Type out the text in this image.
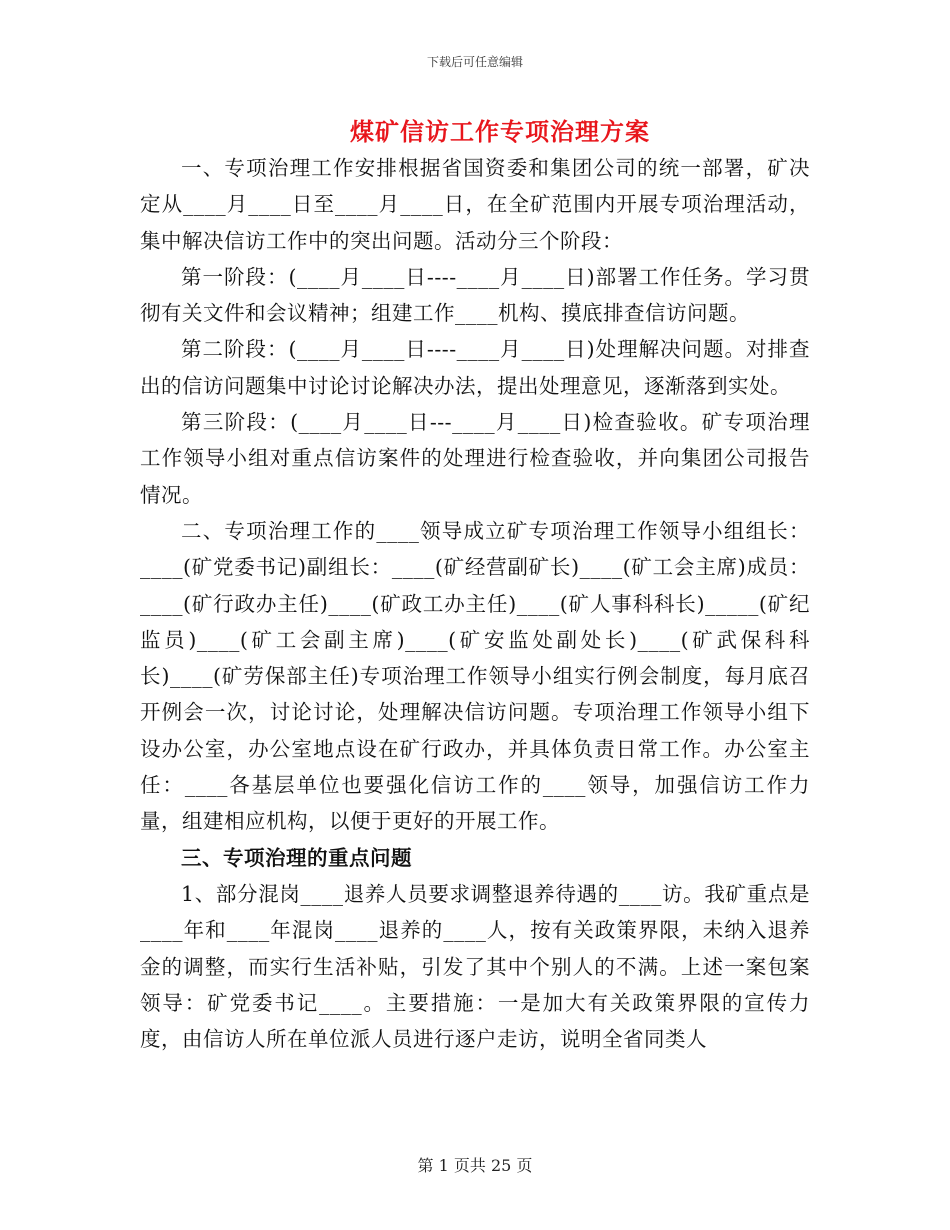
下载后可任意编辑
煤矿信访工作专项治理方案

一、专项治理工作安排根据省国资委和集团公司的统一部署，矿决定从____月____日至____月____日，在全矿范围内开展专项治理活动，集中解决信访工作中的突出问题。活动分三个阶段：

第一阶段：(____月____日----____月____日)部署工作任务。学习贯彻有关文件和会议精神；组建工作____机构、摸底排查信访问题。

第二阶段：(____月____日----____月____日)处理解决问题。对排查出的信访问题集中讨论讨论解决办法，提出处理意见，逐渐落到实处。

第三阶段：(____月____日---____月____日)检查验收。矿专项治理工作领导小组对重点信访案件的处理进行检查验收，并向集团公司报告情况。

二、专项治理工作的____领导成立矿专项治理工作领导小组组长：____(矿党委书记)副组长：____(矿经营副矿长)____(矿工会主席)成员：____(矿行政办主任)____(矿政工办主任)____(矿人事科科长)_____(矿纪监员)____(矿工会副主席)____(矿安监处副处长)____(矿武保科科长)____(矿劳保部主任)专项治理工作领导小组实行例会制度，每月底召开例会一次，讨论讨论，处理解决信访问题。专项治理工作领导小组下设办公室，办公室地点设在矿行政办，并具体负责日常工作。办公室主任：____各基层单位也要强化信访工作的____领导，加强信访工作力量，组建相应机构，以便于更好的开展工作。

三、专项治理的重点问题

1、部分混岗____退养人员要求调整退养待遇的____访。我矿重点是____年和____年混岗____退养的____人，按有关政策界限，未纳入退养金的调整，而实行生活补贴，引发了其中个别人的不满。上述一案包案领导：矿党委书记____。主要措施：一是加大有关政策界限的宣传力度，由信访人所在单位派人员进行逐户走访，说明全省同类人

第 1 页共 25 页
